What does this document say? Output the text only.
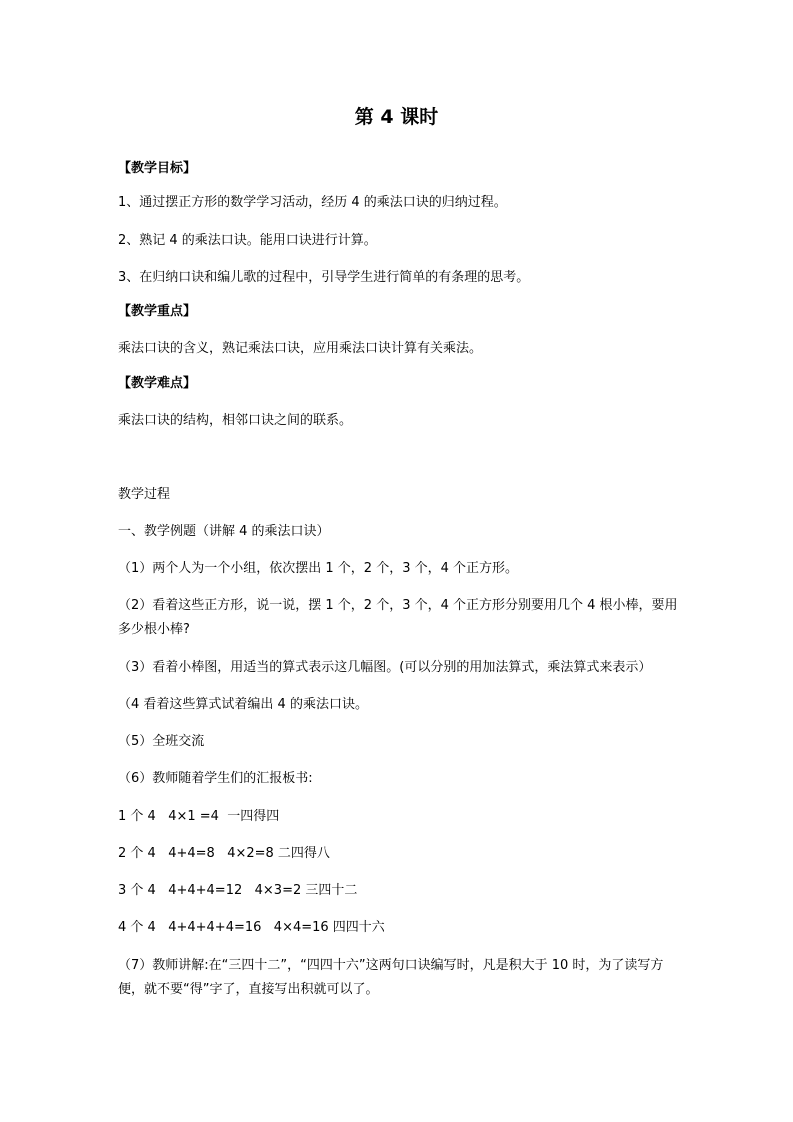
第 4 课时
【教学目标】
1、通过摆正方形的数学学习活动，经历 4 的乘法口诀的归纳过程。
2、熟记 4 的乘法口诀。能用口诀进行计算。
3、在归纳口诀和编儿歌的过程中，引导学生进行简单的有条理的思考。
【教学重点】
乘法口诀的含义，熟记乘法口诀，应用乘法口诀计算有关乘法。
【教学难点】
乘法口诀的结构，相邻口诀之间的联系。
教学过程
一、教学例题（讲解 4 的乘法口诀）
（1）两个人为一个小组，依次摆出 1 个，2 个，3 个，4 个正方形。
（2）看着这些正方形，说一说，摆 1 个，2 个，3 个，4 个正方形分别要用几个 4 根小棒，要用多少根小棒?
（3）看着小棒图，用适当的算式表示这几幅图。(可以分别的用加法算式，乘法算式来表示）
（4 看着这些算式试着编出 4 的乘法口诀。
（5）全班交流
（6）教师随着学生们的汇报板书:
1 个 4   4×1 =4  一四得四
2 个 4   4+4=8   4×2=8 二四得八
3 个 4   4+4+4=12   4×3=2 三四十二
4 个 4   4+4+4+4=16   4×4=16 四四十六
（7）教师讲解:在“三四十二”，“四四十六”这两句口诀编写时，凡是积大于 10 时，为了读写方便，就不要“得”字了，直接写出积就可以了。
